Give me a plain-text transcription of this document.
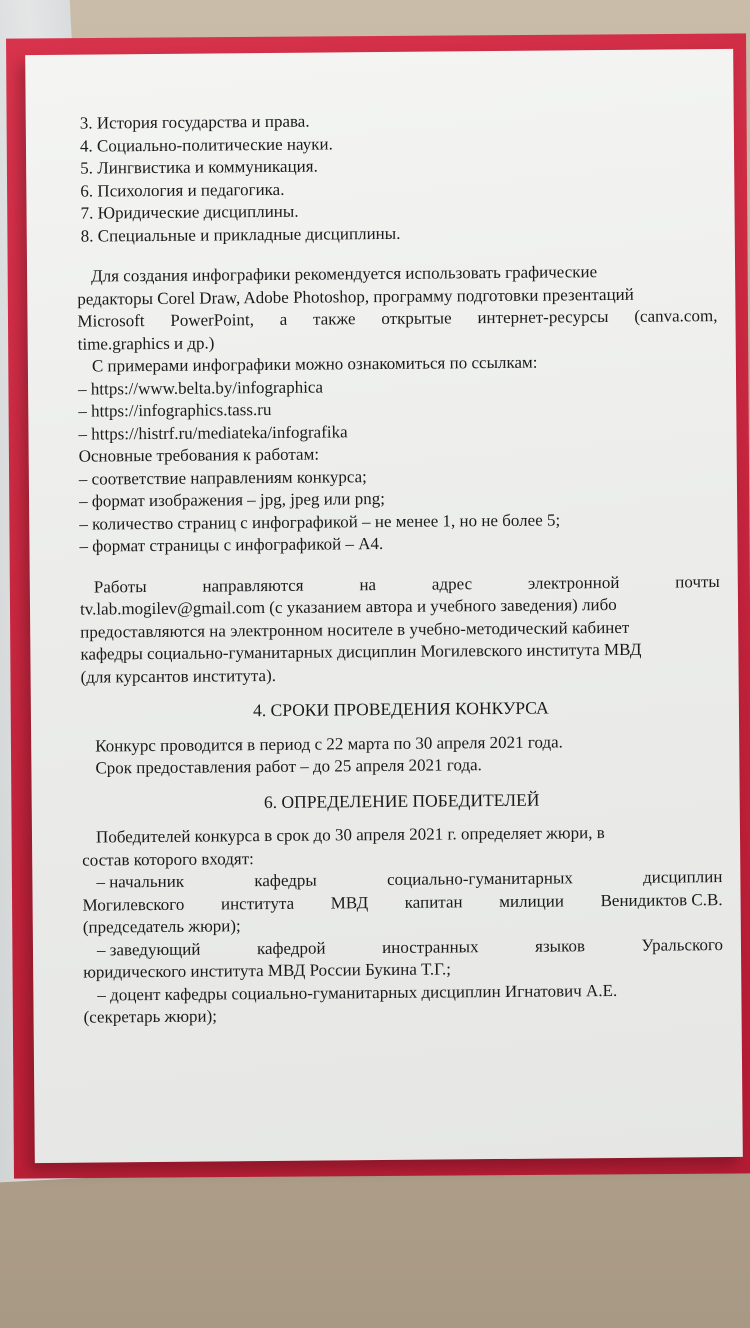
3. История государства и права.
4. Социально-политические науки.
5. Лингвистика и коммуникация.
6. Психология и педагогика.
7. Юридические дисциплины.
8. Специальные и прикладные дисциплины.
Для создания инфографики рекомендуется использовать графические
редакторы Corel Draw, Adobe Photoshop, программу подготовки презентаций
Microsoft PowerPoint, а также открытые интернет-ресурсы (canva.com,
time.graphics и др.)
С примерами инфографики можно ознакомиться по ссылкам:
– https://www.belta.by/infographica
– https://infographics.tass.ru
– https://histrf.ru/mediateka/infografika
Основные требования к работам:
– соответствие направлениям конкурса;
– формат изображения – jpg, jpeg или png;
– количество страниц с инфографикой – не менее 1, но не более 5;
– формат страницы с инфографикой – А4.
Работы	направляются	на	адрес	электронной	почты
tv.lab.mogilev@gmail.com (с указанием автора и учебного заведения) либо
предоставляются на электронном носителе в учебно-методический кабинет
кафедры социально-гуманитарных дисциплин Могилевского института МВД
(для курсантов института).
4. СРОКИ ПРОВЕДЕНИЯ КОНКУРСА
Конкурс проводится в период с 22 марта по 30 апреля 2021 года.
Срок предоставления работ – до 25 апреля 2021 года.
6. ОПРЕДЕЛЕНИЕ ПОБЕДИТЕЛЕЙ
Победителей конкурса в срок до 30 апреля 2021 г. определяет жюри, в
состав которого входят:
– начальник	кафедры	социально-гуманитарных	дисциплин
Могилевского института МВД капитан милиции Венидиктов С.В.
(председатель жюри);
– заведующий	кафедрой	иностранных	языков	Уральского
юридического института МВД России Букина Т.Г.;
– доцент кафедры социально-гуманитарных дисциплин Игнатович А.Е.
(секретарь жюри);
